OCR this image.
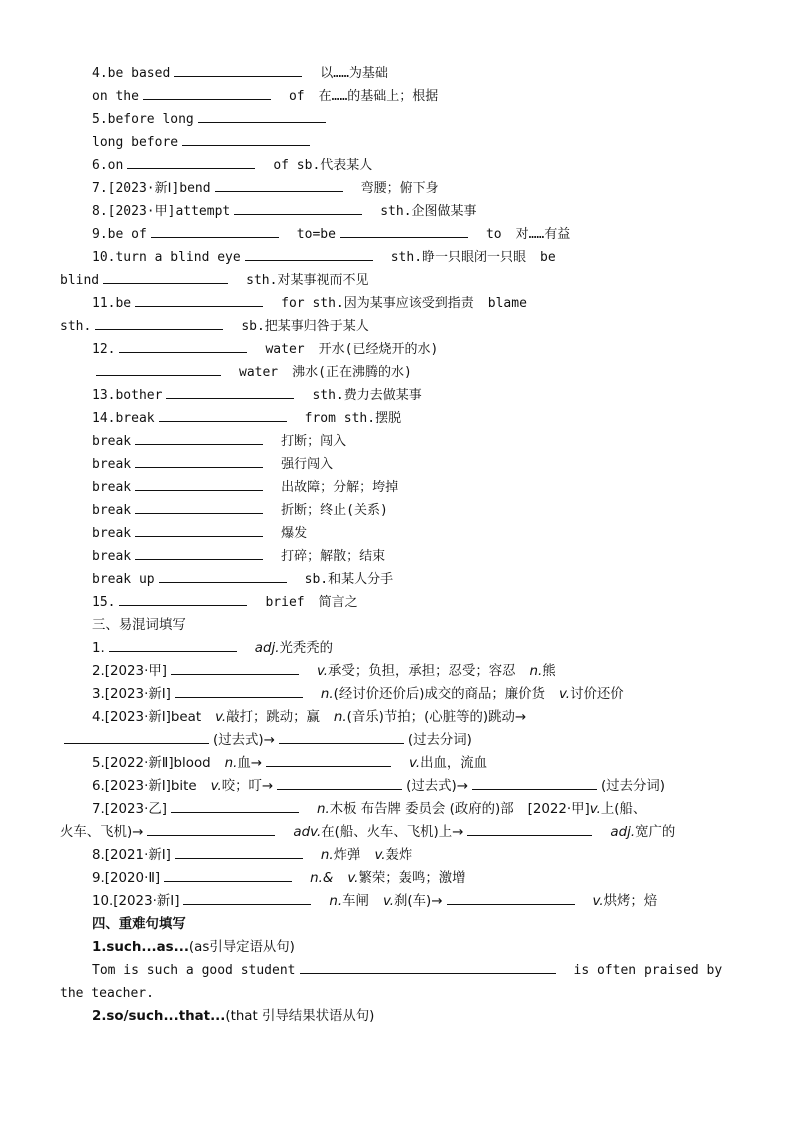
4.be based	以……为基础
on the	of 在……的基础上；根据
5.before long
long before
6.on	of sb.代表某人
7.[2023·新Ⅰ]bend	弯腰；俯下身
8.[2023·甲]attempt	sth.企图做某事
9.be of	to=be	to 对……有益
10.turn a blind eye	sth.睁一只眼闭一只眼 be
blind	sth.对某事视而不见
11.be	for sth.因为某事应该受到指责 blame
sth.	sb.把某事归咎于某人
12.	water 开水(已经烧开的水)
water 沸水(正在沸腾的水)
13.bother	sth.费力去做某事
14.break	from sth.摆脱
break	打断；闯入
break	强行闯入
break	出故障；分解；垮掉
break	折断；终止(关系)
break	爆发
break	打碎；解散；结束
break up	sb.和某人分手
15.	brief 简言之
三、易混词填写
1.	adj.光秃秃的
2.[2023·甲]	v.承受；负担，承担；忍受；容忍 n.熊
3.[2023·新Ⅰ]	n.(经讨价还价后)成交的商品；廉价货 v.讨价还价
4.[2023·新Ⅰ]beat v.敲打；跳动；赢 n.(音乐)节拍；(心脏等的)跳动→
(过去式)→	(过去分词)
5.[2022·新Ⅱ]blood n.血→	v.出血，流血
6.[2023·新Ⅰ]bite v.咬；叮→	(过去式)→	(过去分词)
7.[2023·乙]	n.木板 布告牌 委员会 (政府的)部 [2022·甲]v.上(船、
火车、飞机)→	adv.在(船、火车、飞机)上→	adj.宽广的
8.[2021·新Ⅰ]	n.炸弹 v.轰炸
9.[2020·Ⅱ]	n.& v.繁荣；轰鸣；激增
10.[2023·新Ⅰ]	n.车闸 v.刹(车)→	v.烘烤；焙
四、重难句填写
1.such...as...(as引导定语从句)
Tom is such a good student	is often praised by
the teacher.
2.so/such...that...(that 引导结果状语从句)
